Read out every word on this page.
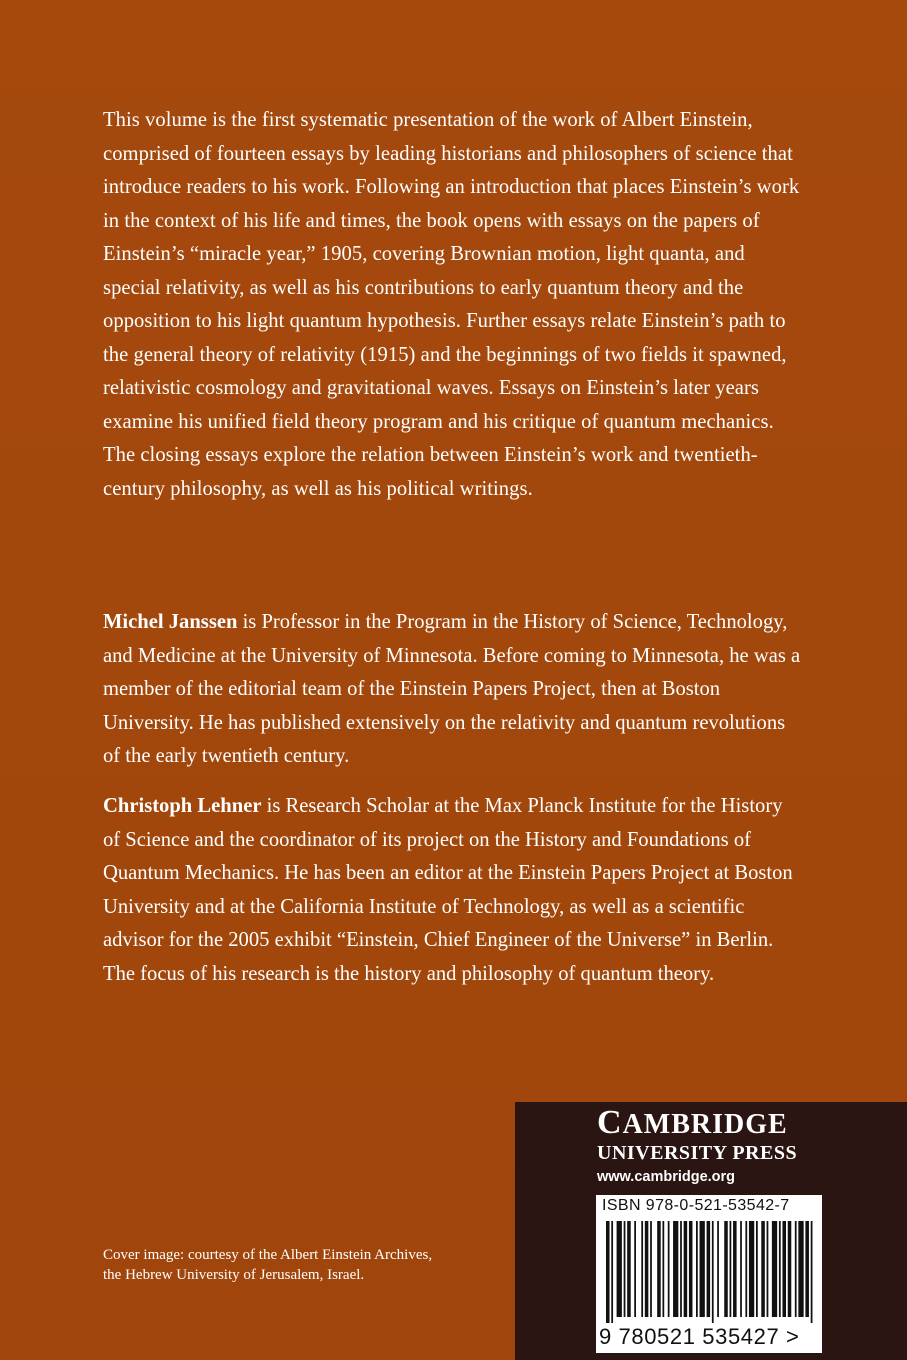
This volume is the first systematic presentation of the work of Albert Einstein, comprised of fourteen essays by leading historians and philosophers of science that introduce readers to his work. Following an introduction that places Einstein’s work in the context of his life and times, the book opens with essays on the papers of Einstein’s “miracle year,” 1905, covering Brownian motion, light quanta, and special relativity, as well as his contributions to early quantum theory and the opposition to his light quantum hypothesis. Further essays relate Einstein’s path to the general theory of relativity (1915) and the beginnings of two fields it spawned, relativistic cosmology and gravitational waves. Essays on Einstein’s later years examine his unified field theory program and his critique of quantum mechanics. The closing essays explore the relation between Einstein’s work and twentieth-century philosophy, as well as his political writings.

Michel Janssen is Professor in the Program in the History of Science, Technology, and Medicine at the University of Minnesota. Before coming to Minnesota, he was a member of the editorial team of the Einstein Papers Project, then at Boston University. He has published extensively on the relativity and quantum revolutions of the early twentieth century.

Christoph Lehner is Research Scholar at the Max Planck Institute for the History of Science and the coordinator of its project on the History and Foundations of Quantum Mechanics. He has been an editor at the Einstein Papers Project at Boston University and at the California Institute of Technology, as well as a scientific advisor for the 2005 exhibit “Einstein, Chief Engineer of the Universe” in Berlin. The focus of his research is the history and philosophy of quantum theory.

Cover image: courtesy of the Albert Einstein Archives,
the Hebrew University of Jerusalem, Israel.

CAMBRIDGE
UNIVERSITY PRESS
www.cambridge.org
ISBN 978-0-521-53542-7
9 780521 535427 >
